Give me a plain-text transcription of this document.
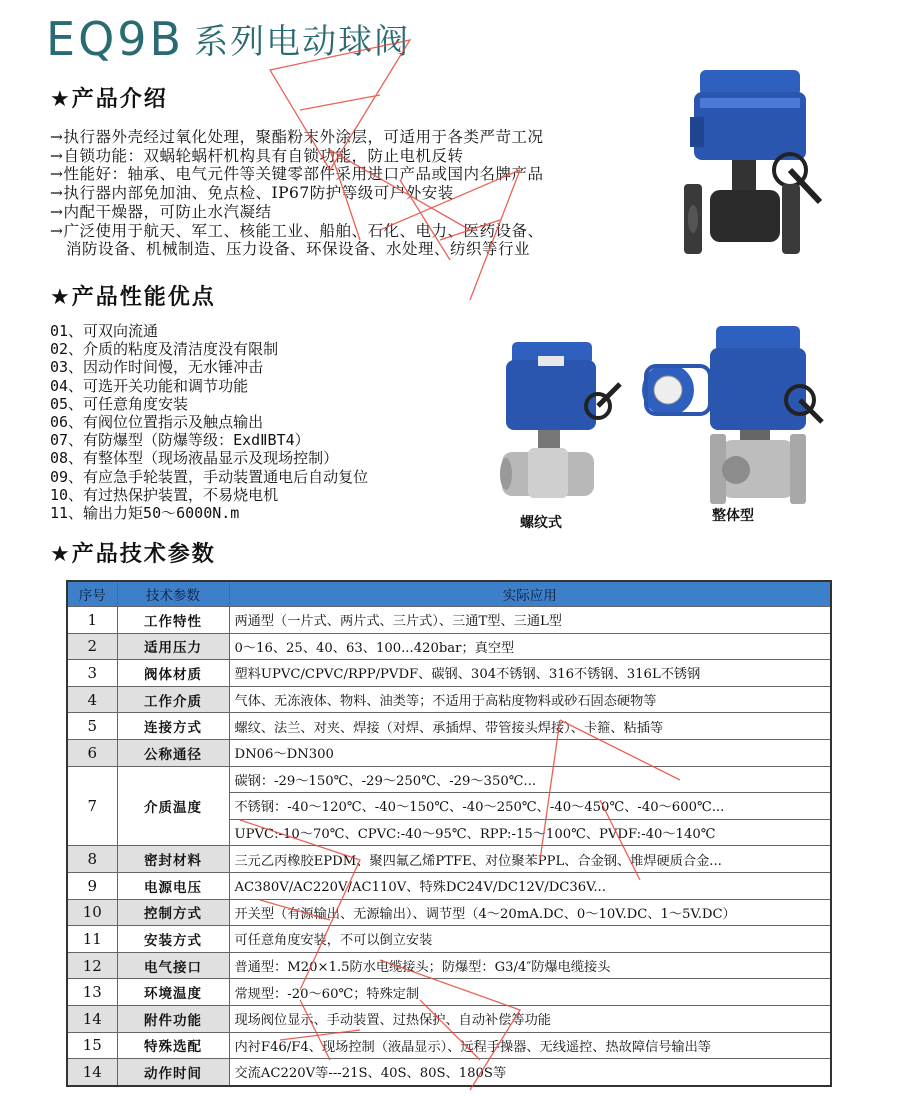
EQ9B 系列电动球阀
★产品介绍
★产品性能优点
★产品技术参数
→执行器外壳经过氧化处理，聚酯粉末外涂层，可适用于各类严苛工况
→自锁功能：双蜗轮蜗杆机构具有自锁功能，防止电机反转
→性能好：轴承、电气元件等关键零部件采用进口产品或国内名牌产品
→执行器内部免加油、免点检、IP67防护等级可户外安装
→内配干燥器，可防止水汽凝结
→广泛使用于航天、军工、核能工业、船舶、石化、电力、医药设备、
消防设备、机械制造、压力设备、环保设备、水处理、纺织等行业
01、可双向流通
02、介质的粘度及清洁度没有限制
03、因动作时间慢，无水锤冲击
04、可选开关功能和调节功能
05、可任意角度安装
06、有阀位位置指示及触点输出
07、有防爆型（防爆等级：ExdⅡBT4）
08、有整体型（现场液晶显示及现场控制）
09、有应急手轮装置，手动装置通电后自动复位
10、有过热保护装置，不易烧电机
11、输出力矩50～6000N.m
螺纹式	整体型
序号	技术参数	实际应用
1	工作特性	两通型（一片式、两片式、三片式）、三通T型、三通L型
2	适用压力	0～16、25、40、63、100...420bar；真空型
3	阀体材质	塑料UPVC/CPVC/RPP/PVDF、碳钢、304不锈钢、316不锈钢、316L不锈钢
4	工作介质	气体、无冻液体、物料、油类等；不适用于高粘度物料或砂石固态硬物等
5	连接方式	螺纹、法兰、对夹、焊接（对焊、承插焊、带管接头焊接）、卡箍、粘插等
6	公称通径	DN06～DN300
7	介质温度	碳钢：-29～150℃、-29～250℃、-29～350℃...
		不锈钢：-40～120℃、-40～150℃、-40～250℃、-40～450℃、-40～600℃...
		UPVC:-10～70℃、CPVC:-40～95℃、RPP:-15～100℃、PVDF:-40～140℃
8	密封材料	三元乙丙橡胶EPDM、聚四氟乙烯PTFE、对位聚苯PPL、合金钢、堆焊硬质合金...
9	电源电压	AC380V/AC220V/AC110V、特殊DC24V/DC12V/DC36V...
10	控制方式	开关型（有源输出、无源输出）、调节型（4～20mA.DC、0～10V.DC、1～5V.DC）
11	安装方式	可任意角度安装，不可以倒立安装
12	电气接口	普通型：M20×1.5防水电缆接头；防爆型：G3/4″防爆电缆接头
13	环境温度	常规型：-20～60℃；特殊定制
14	附件功能	现场阀位显示、手动装置、过热保护、自动补偿等功能
15	特殊选配	内衬F46/F4、现场控制（液晶显示）、远程手操器、无线遥控、热故障信号输出等
14	动作时间	交流AC220V等---21S、40S、80S、180S等
